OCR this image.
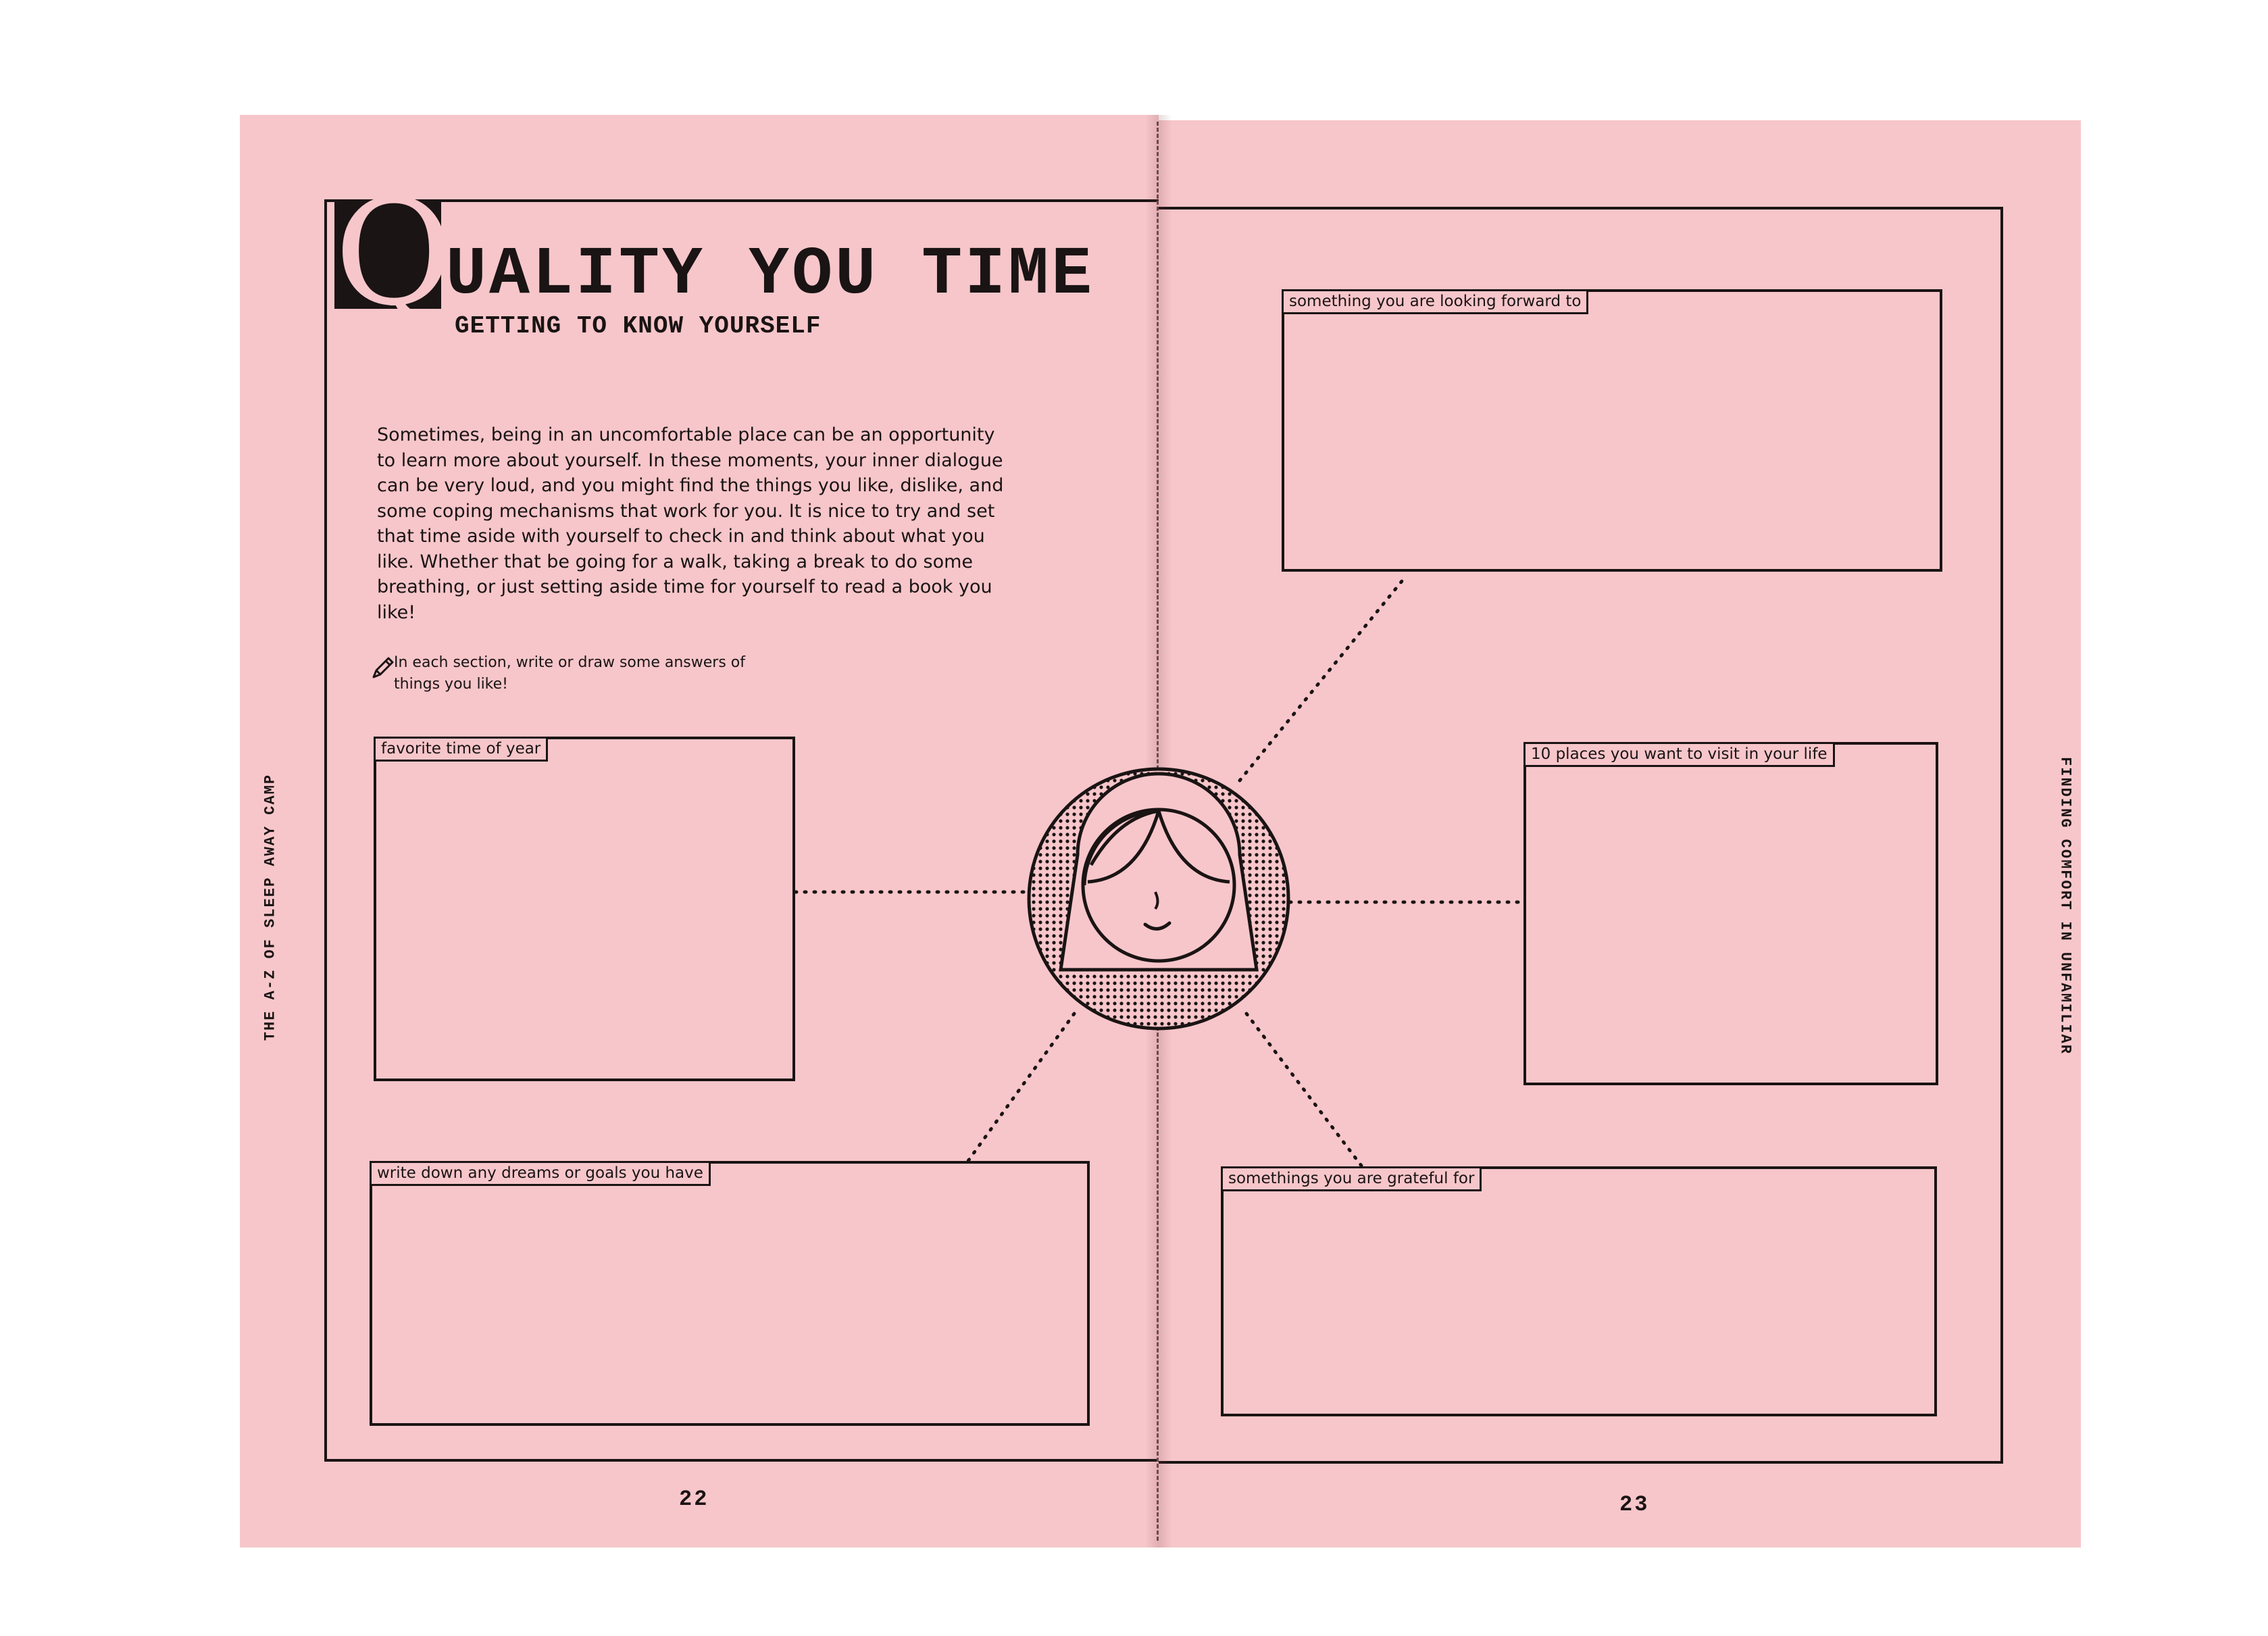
Q
UALITY YOU TIME
GETTING TO KNOW YOURSELF
Sometimes, being in an uncomfortable place can be an opportunity to learn more about yourself. In these moments, your inner dialogue can be very loud, and you might find the things you like, dislike, and some coping mechanisms that work for you. It is nice to try and set that time aside with yourself to check in and think about what you like. Whether that be going for a walk, taking a break to do some breathing, or just setting aside time for yourself to read a book you like!
In each section, write or draw some answers of things you like!
THE A-Z OF SLEEP AWAY CAMP
favorite time of year
write down any dreams or goals you have
22
FINDING COMFORT IN UNFAMILIAR
something you are looking forward to
10 places you want to visit in your life
somethings you are grateful for
23
